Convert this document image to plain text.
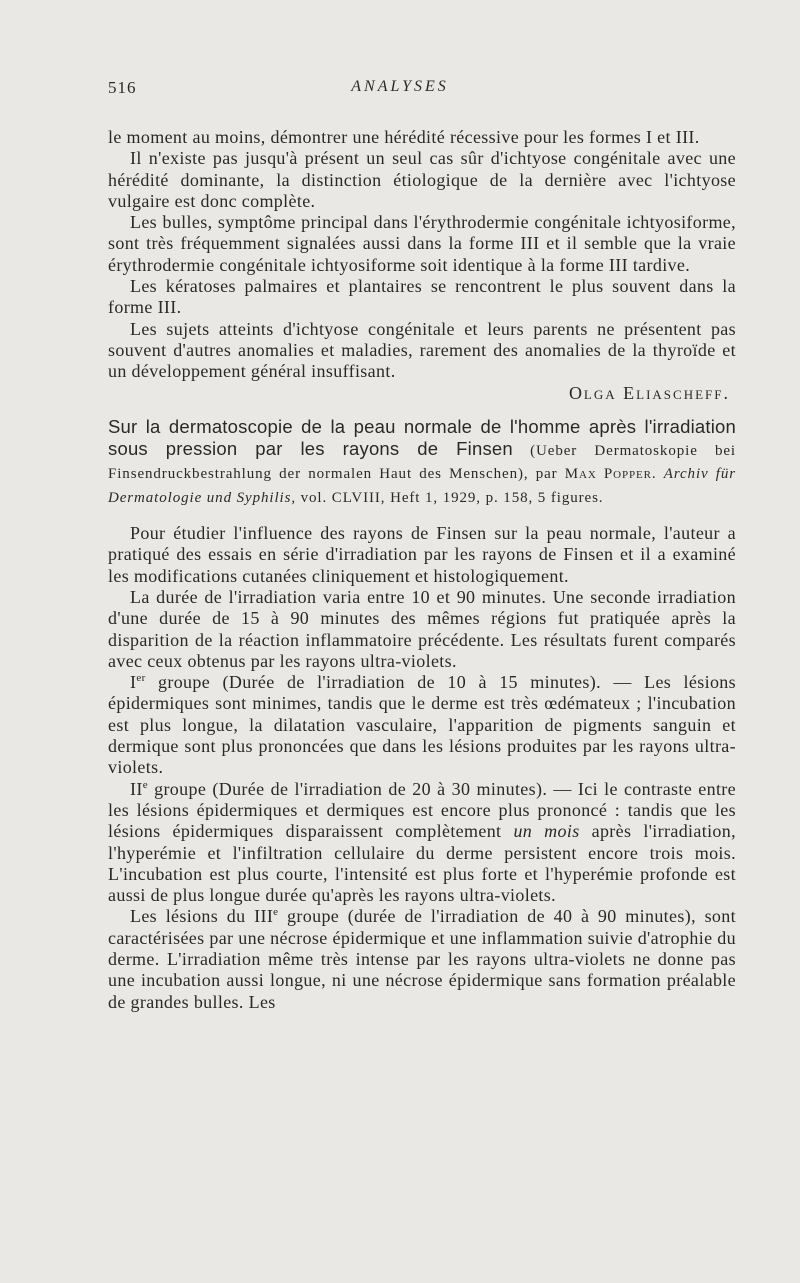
516	ANALYSES

le moment au moins, démontrer une hérédité récessive pour les formes I et III.

Il n'existe pas jusqu'à présent un seul cas sûr d'ichtyose congénitale avec une hérédité dominante, la distinction étiologique de la dernière avec l'ichtyose vulgaire est donc complète.

Les bulles, symptôme principal dans l'érythrodermie congénitale ichtyosiforme, sont très fréquemment signalées aussi dans la forme III et il semble que la vraie érythrodermie congénitale ichtyosiforme soit identique à la forme III tardive.

Les kératoses palmaires et plantaires se rencontrent le plus souvent dans la forme III.

Les sujets atteints d'ichtyose congénitale et leurs parents ne présentent pas souvent d'autres anomalies et maladies, rarement des anomalies de la thyroïde et un développement général insuffisant.

Olga Eliascheff.

Sur la dermatoscopie de la peau normale de l'homme après l'irradiation sous pression par les rayons de Finsen (Ueber Dermatoskopie bei Finsendruckbestrahlung der normalen Haut des Menschen), par Max Popper. Archiv für Dermatologie und Syphilis, vol. CLVIII, Heft 1, 1929, p. 158, 5 figures.

Pour étudier l'influence des rayons de Finsen sur la peau normale, l'auteur a pratiqué des essais en série d'irradiation par les rayons de Finsen et il a examiné les modifications cutanées cliniquement et histologiquement.

La durée de l'irradiation varia entre 10 et 90 minutes. Une seconde irradiation d'une durée de 15 à 90 minutes des mêmes régions fut pratiquée après la disparition de la réaction inflammatoire précédente. Les résultats furent comparés avec ceux obtenus par les rayons ultra-violets.

Ier groupe (Durée de l'irradiation de 10 à 15 minutes). — Les lésions épidermiques sont minimes, tandis que le derme est très œdémateux ; l'incubation est plus longue, la dilatation vasculaire, l'apparition de pigments sanguin et dermique sont plus prononcées que dans les lésions produites par les rayons ultra-violets.

IIe groupe (Durée de l'irradiation de 20 à 30 minutes). — Ici le contraste entre les lésions épidermiques et dermiques est encore plus prononcé : tandis que les lésions épidermiques disparaissent complètement un mois après l'irradiation, l'hyperémie et l'infiltration cellulaire du derme persistent encore trois mois. L'incubation est plus courte, l'intensité est plus forte et l'hyperémie profonde est aussi de plus longue durée qu'après les rayons ultra-violets.

Les lésions du IIIe groupe (durée de l'irradiation de 40 à 90 minutes), sont caractérisées par une nécrose épidermique et une inflammation suivie d'atrophie du derme. L'irradiation même très intense par les rayons ultra-violets ne donne pas une incubation aussi longue, ni une nécrose épidermique sans formation préalable de grandes bulles. Les
